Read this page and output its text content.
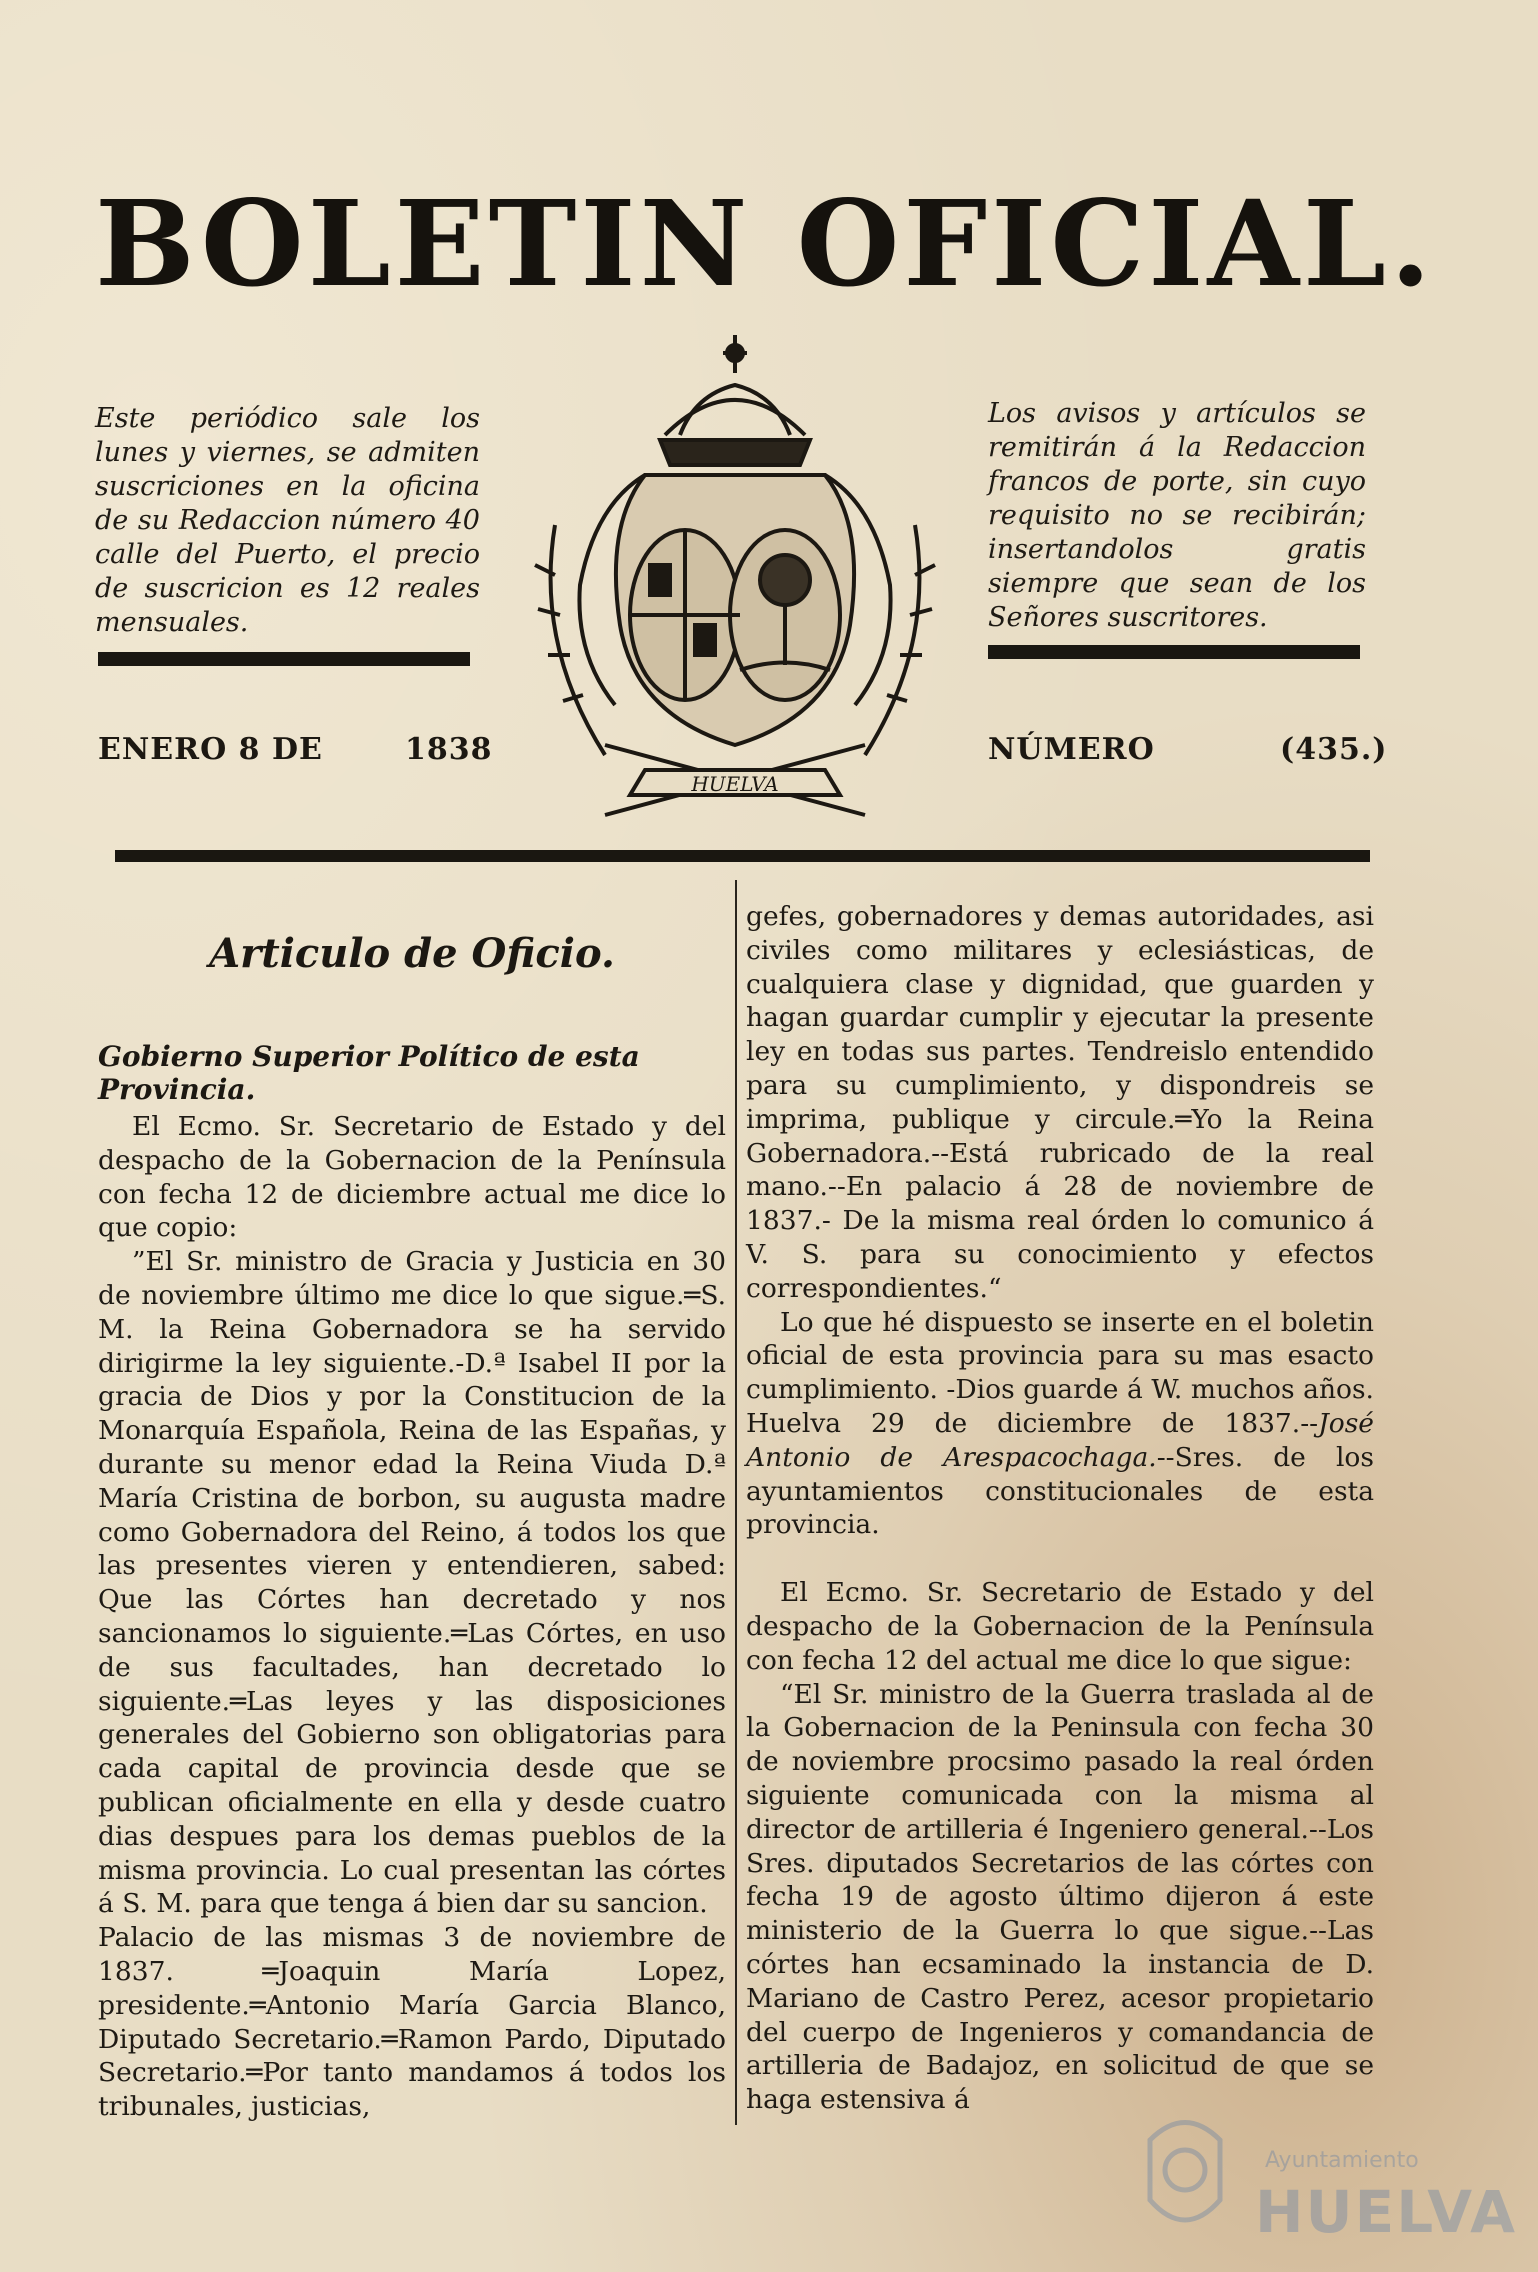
BOLETIN OFICIAL.
Este periódico sale los lunes y viernes, se admiten suscriciones en la oficina de su Redaccion número 40 calle del Puerto, el precio de suscricion es 12 reales mensuales.
Los avisos y artículos se remitirán á la Redaccion francos de porte, sin cuyo requisito no se recibirán; insertandolos gratis siempre que sean de los Señores suscritores.
HUELVA
ENERO 8 DE	1838	NÚMERO	(435.)
Articulo de Oficio.
Gobierno Superior Político de esta Provincia.

El Ecmo. Sr. Secretario de Estado y del despacho de la Gobernacion de la Península con fecha 12 de diciembre actual me dice lo que copio:

”El Sr. ministro de Gracia y Justicia en 30 de noviembre último me dice lo que sigue.═S. M. la Reina Gobernadora se ha servido dirigirme la ley siguiente.-D.ª Isabel II por la gracia de Dios y por la Constitucion de la Monarquía Española, Reina de las Españas, y durante su menor edad la Reina Viuda D.ª María Cristina de borbon, su augusta madre como Gobernadora del Reino, á todos los que las presentes vieren y entendieren, sabed: Que las Córtes han decretado y nos sancionamos lo siguiente.═Las Córtes, en uso de sus facultades, han decretado lo siguiente.═Las leyes y las disposiciones generales del Gobierno son obligatorias para cada capital de provincia desde que se publican oficialmente en ella y desde cuatro dias despues para los demas pueblos de la misma provincia. Lo cual presentan las córtes á S. M. para que tenga á bien dar su sancion.

Palacio de las mismas 3 de noviembre de 1837. ═Joaquin María Lopez, presidente.═Antonio María Garcia Blanco, Diputado Secretario.═Ramon Pardo, Diputado Secretario.═Por tanto mandamos á todos los tribunales, justicias,

gefes, gobernadores y demas autoridades, asi civiles como militares y eclesiásticas, de cualquiera clase y dignidad, que guarden y hagan guardar cumplir y ejecutar la presente ley en todas sus partes. Tendreislo entendido para su cumplimiento, y dispondreis se imprima, publique y circule.═Yo la Reina Gobernadora.--Está rubricado de la real mano.--En palacio á 28 de noviembre de 1837.- De la misma real órden lo comunico á V. S. para su conocimiento y efectos correspondientes.“

Lo que hé dispuesto se inserte en el boletin oficial de esta provincia para su mas esacto cumplimiento. -Dios guarde á W. muchos años. Huelva 29 de diciembre de 1837.--José Antonio de Arespacochaga.--Sres. de los ayuntamientos constitucionales de esta provincia.

El Ecmo. Sr. Secretario de Estado y del despacho de la Gobernacion de la Península con fecha 12 del actual me dice lo que sigue:

“El Sr. ministro de la Guerra traslada al de la Gobernacion de la Peninsula con fecha 30 de noviembre procsimo pasado la real órden siguiente comunicada con la misma al director de artilleria é Ingeniero general.--Los Sres. diputados Secretarios de las córtes con fecha 19 de agosto último dijeron á este ministerio de la Guerra lo que sigue.--Las córtes han ecsaminado la instancia de D. Mariano de Castro Perez, acesor propietario del cuerpo de Ingenieros y comandancia de artilleria de Badajoz, en solicitud de que se haga estensiva á

Ayuntamiento
HUELVA
